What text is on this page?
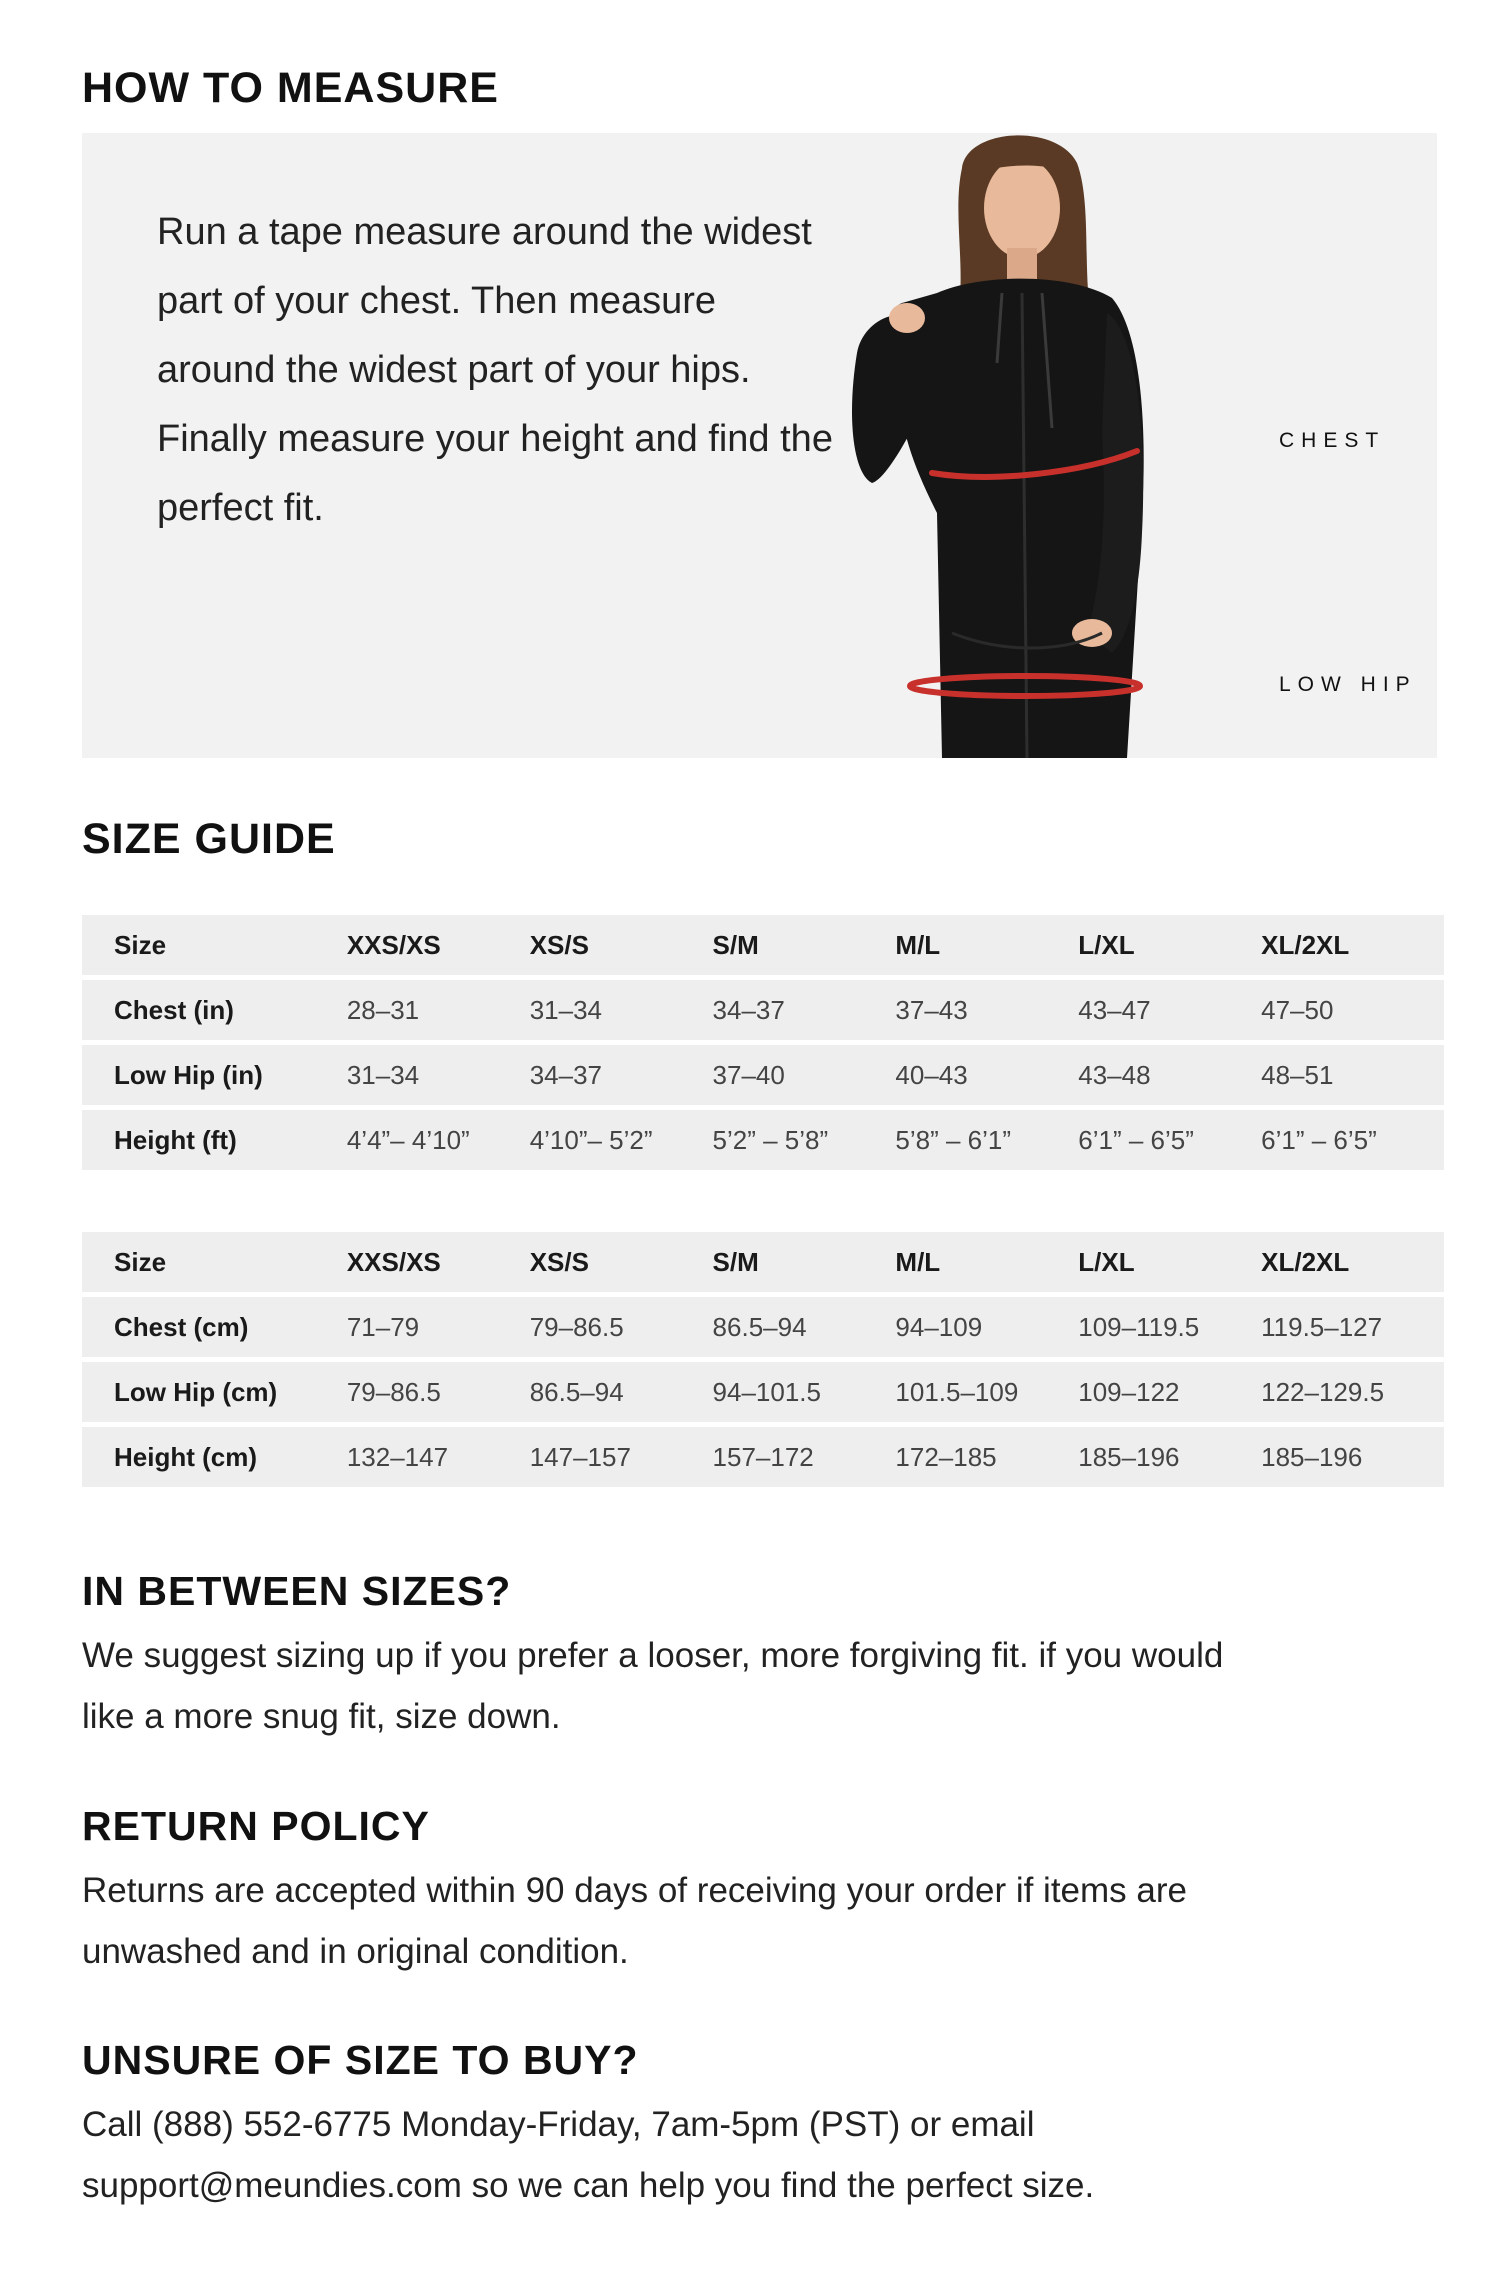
HOW TO MEASURE

Run a tape measure around the widest part of your chest. Then measure around the widest part of your hips. Finally measure your height and find the perfect fit.

CHEST
LOW HIP
SIZE GUIDE
Size	XXS/XS	XS/S	S/M	M/L	L/XL	XL/2XL
Chest (in)	28–31	31–34	34–37	37–43	43–47	47–50
Low Hip (in)	31–34	34–37	37–40	40–43	43–48	48–51
Height (ft)	4’4”– 4’10”	4’10”– 5’2”	5’2” – 5’8”	5’8” – 6’1”	6’1” – 6’5”	6’1” – 6’5”
Size	XXS/XS	XS/S	S/M	M/L	L/XL	XL/2XL
Chest (cm)	71–79	79–86.5	86.5–94	94–109	109–119.5	119.5–127
Low Hip (cm)	79–86.5	86.5–94	94–101.5	101.5–109	109–122	122–129.5
Height (cm)	132–147	147–157	157–172	172–185	185–196	185–196
IN BETWEEN SIZES?

We suggest sizing up if you prefer a looser, more forgiving fit. if you would like a more snug fit, size down.

RETURN POLICY

Returns are accepted within 90 days of receiving your order if items are unwashed and in original condition.

UNSURE OF SIZE TO BUY?

Call (888) 552-6775 Monday-Friday, 7am-5pm (PST) or email support@meundies.com so we can help you find the perfect size.
